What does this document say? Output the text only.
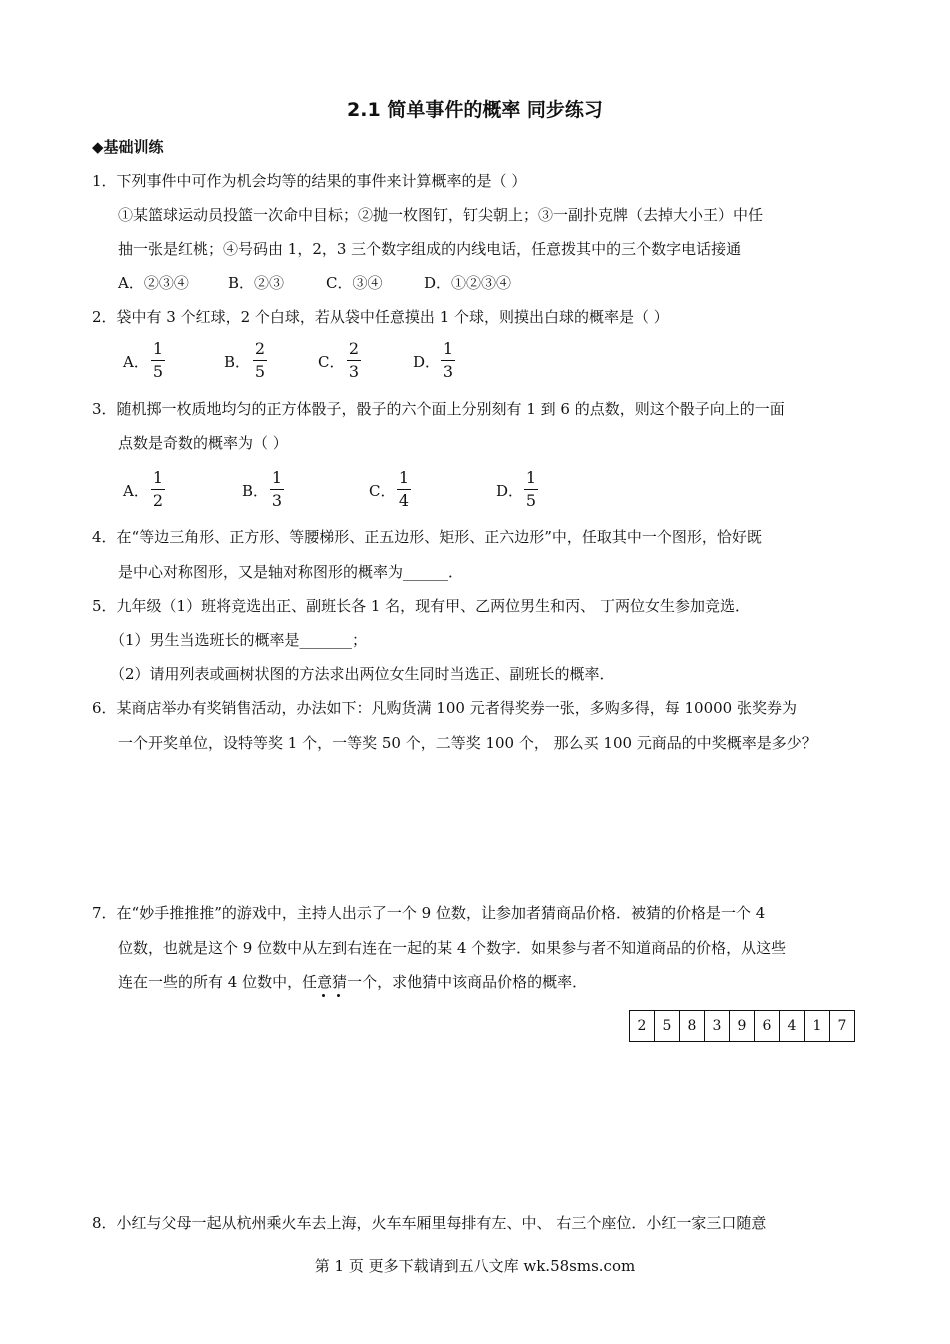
2.1 简单事件的概率 同步练习
◆基础训练
1．下列事件中可作为机会均等的结果的事件来计算概率的是（ ）
①某篮球运动员投篮一次命中目标；②抛一枚图钉，钉尖朝上；③一副扑克牌（去掉大小王）中任
抽一张是红桃；④号码由 1，2，3 三个数字组成的内线电话，任意拨其中的三个数字电话接通
A．②③④	B．②③	C．③④	D．①②③④
2．袋中有 3 个红球，2 个白球，若从袋中任意摸出 1 个球，则摸出白球的概率是（ ）
A．
1
5	B．
2
5	C．
2
3	D．
1
3
3．随机掷一枚质地均匀的正方体骰子，骰子的六个面上分别刻有 1 到 6 的点数，则这个骰子向上的一面
点数是奇数的概率为（ ）
A．
1
2	B．
1
3	C．
1
4	D．
1
5
4．在“等边三角形、正方形、等腰梯形、正五边形、矩形、正六边形”中，任取其中一个图形，恰好既
是中心对称图形，又是轴对称图形的概率为______．
5．九年级（1）班将竞选出正、副班长各 1 名，现有甲、乙两位男生和丙、 丁两位女生参加竞选．
（1）男生当选班长的概率是_______；
（2）请用列表或画树状图的方法求出两位女生同时当选正、副班长的概率．
6．某商店举办有奖销售活动，办法如下：凡购货满 100 元者得奖券一张，多购多得，每 10000 张奖券为
一个开奖单位，设特等奖 1 个，一等奖 50 个，二等奖 100 个， 那么买 100 元商品的中奖概率是多少？
7．在“妙手推推推”的游戏中，主持人出示了一个 9 位数，让参加者猜商品价格．被猜的价格是一个 4
位数，也就是这个 9 位数中从左到右连在一起的某 4 个数字．如果参与者不知道商品的价格，从这些
连在一些的所有 4 位数中，任意猜一个，求他猜中该商品价格的概率．
2	5	8	3	9	6	4	1	7
8．小红与父母一起从杭州乘火车去上海，火车车厢里每排有左、中、 右三个座位．小红一家三口随意
第 1 页 更多下载请到五八文库 wk.58sms.com
